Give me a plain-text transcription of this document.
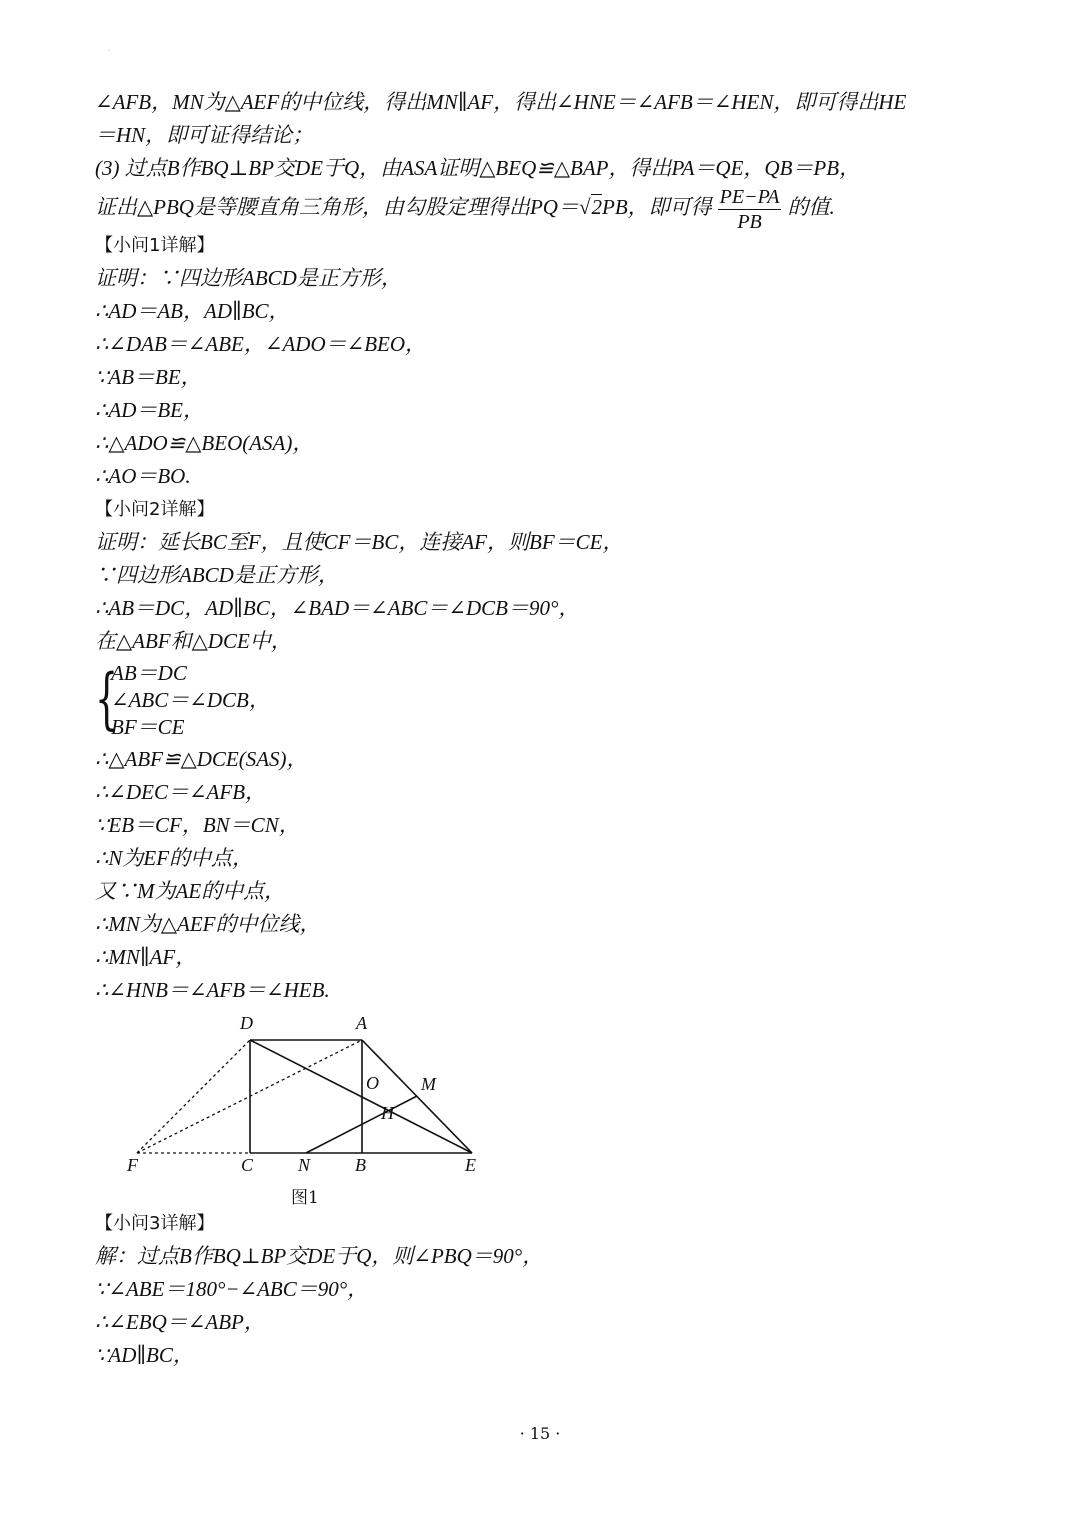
·
∠AFB，MN为△AEF的中位线，得出MN∥AF，得出∠HNE＝∠AFB＝∠HEN，即可得出HE
＝HN，即可证得结论；
(3) 过点B作BQ⊥BP交DE于Q，由ASA证明△BEQ≌△BAP，得出PA＝QE，QB＝PB，
证出△PBQ是等腰直角三角形，由勾股定理得出PQ＝√2PB，即可得 $\frac{PE-PA}{PB}$ 的值.
【小问1详解】
证明：∵四边形ABCD是正方形，
∴AD＝AB，AD∥BC，
∴∠DAB＝∠ABE，∠ADO＝∠BEO，
∵AB＝BE，
∴AD＝BE，
∴△ADO≌△BEO(ASA)，
∴AO＝BO.
【小问2详解】
证明：延长BC至F，且使CF＝BC，连接AF，则BF＝CE，
∵四边形ABCD是正方形，
∴AB＝DC，AD∥BC，∠BAD＝∠ABC＝∠DCB＝90°，
在△ABF和△DCE中，
{
AB＝DC
∠ABC＝∠DCB，
BF＝CE
∴△ABF≌△DCE(SAS)，
∴∠DEC＝∠AFB，
∵EB＝CF，BN＝CN，
∴N为EF的中点，
又∵M为AE的中点，
∴MN为△AEF的中位线，
∴MN∥AF，
∴∠HNB＝∠AFB＝∠HEB.
D	A
O M
H
F	C N B	E
图1
【小问3详解】
解：过点B作BQ⊥BP交DE于Q，则∠PBQ＝90°，
∵∠ABE＝180°−∠ABC＝90°，
∴∠EBQ＝∠ABP，
∵AD∥BC，
· 15 ·
